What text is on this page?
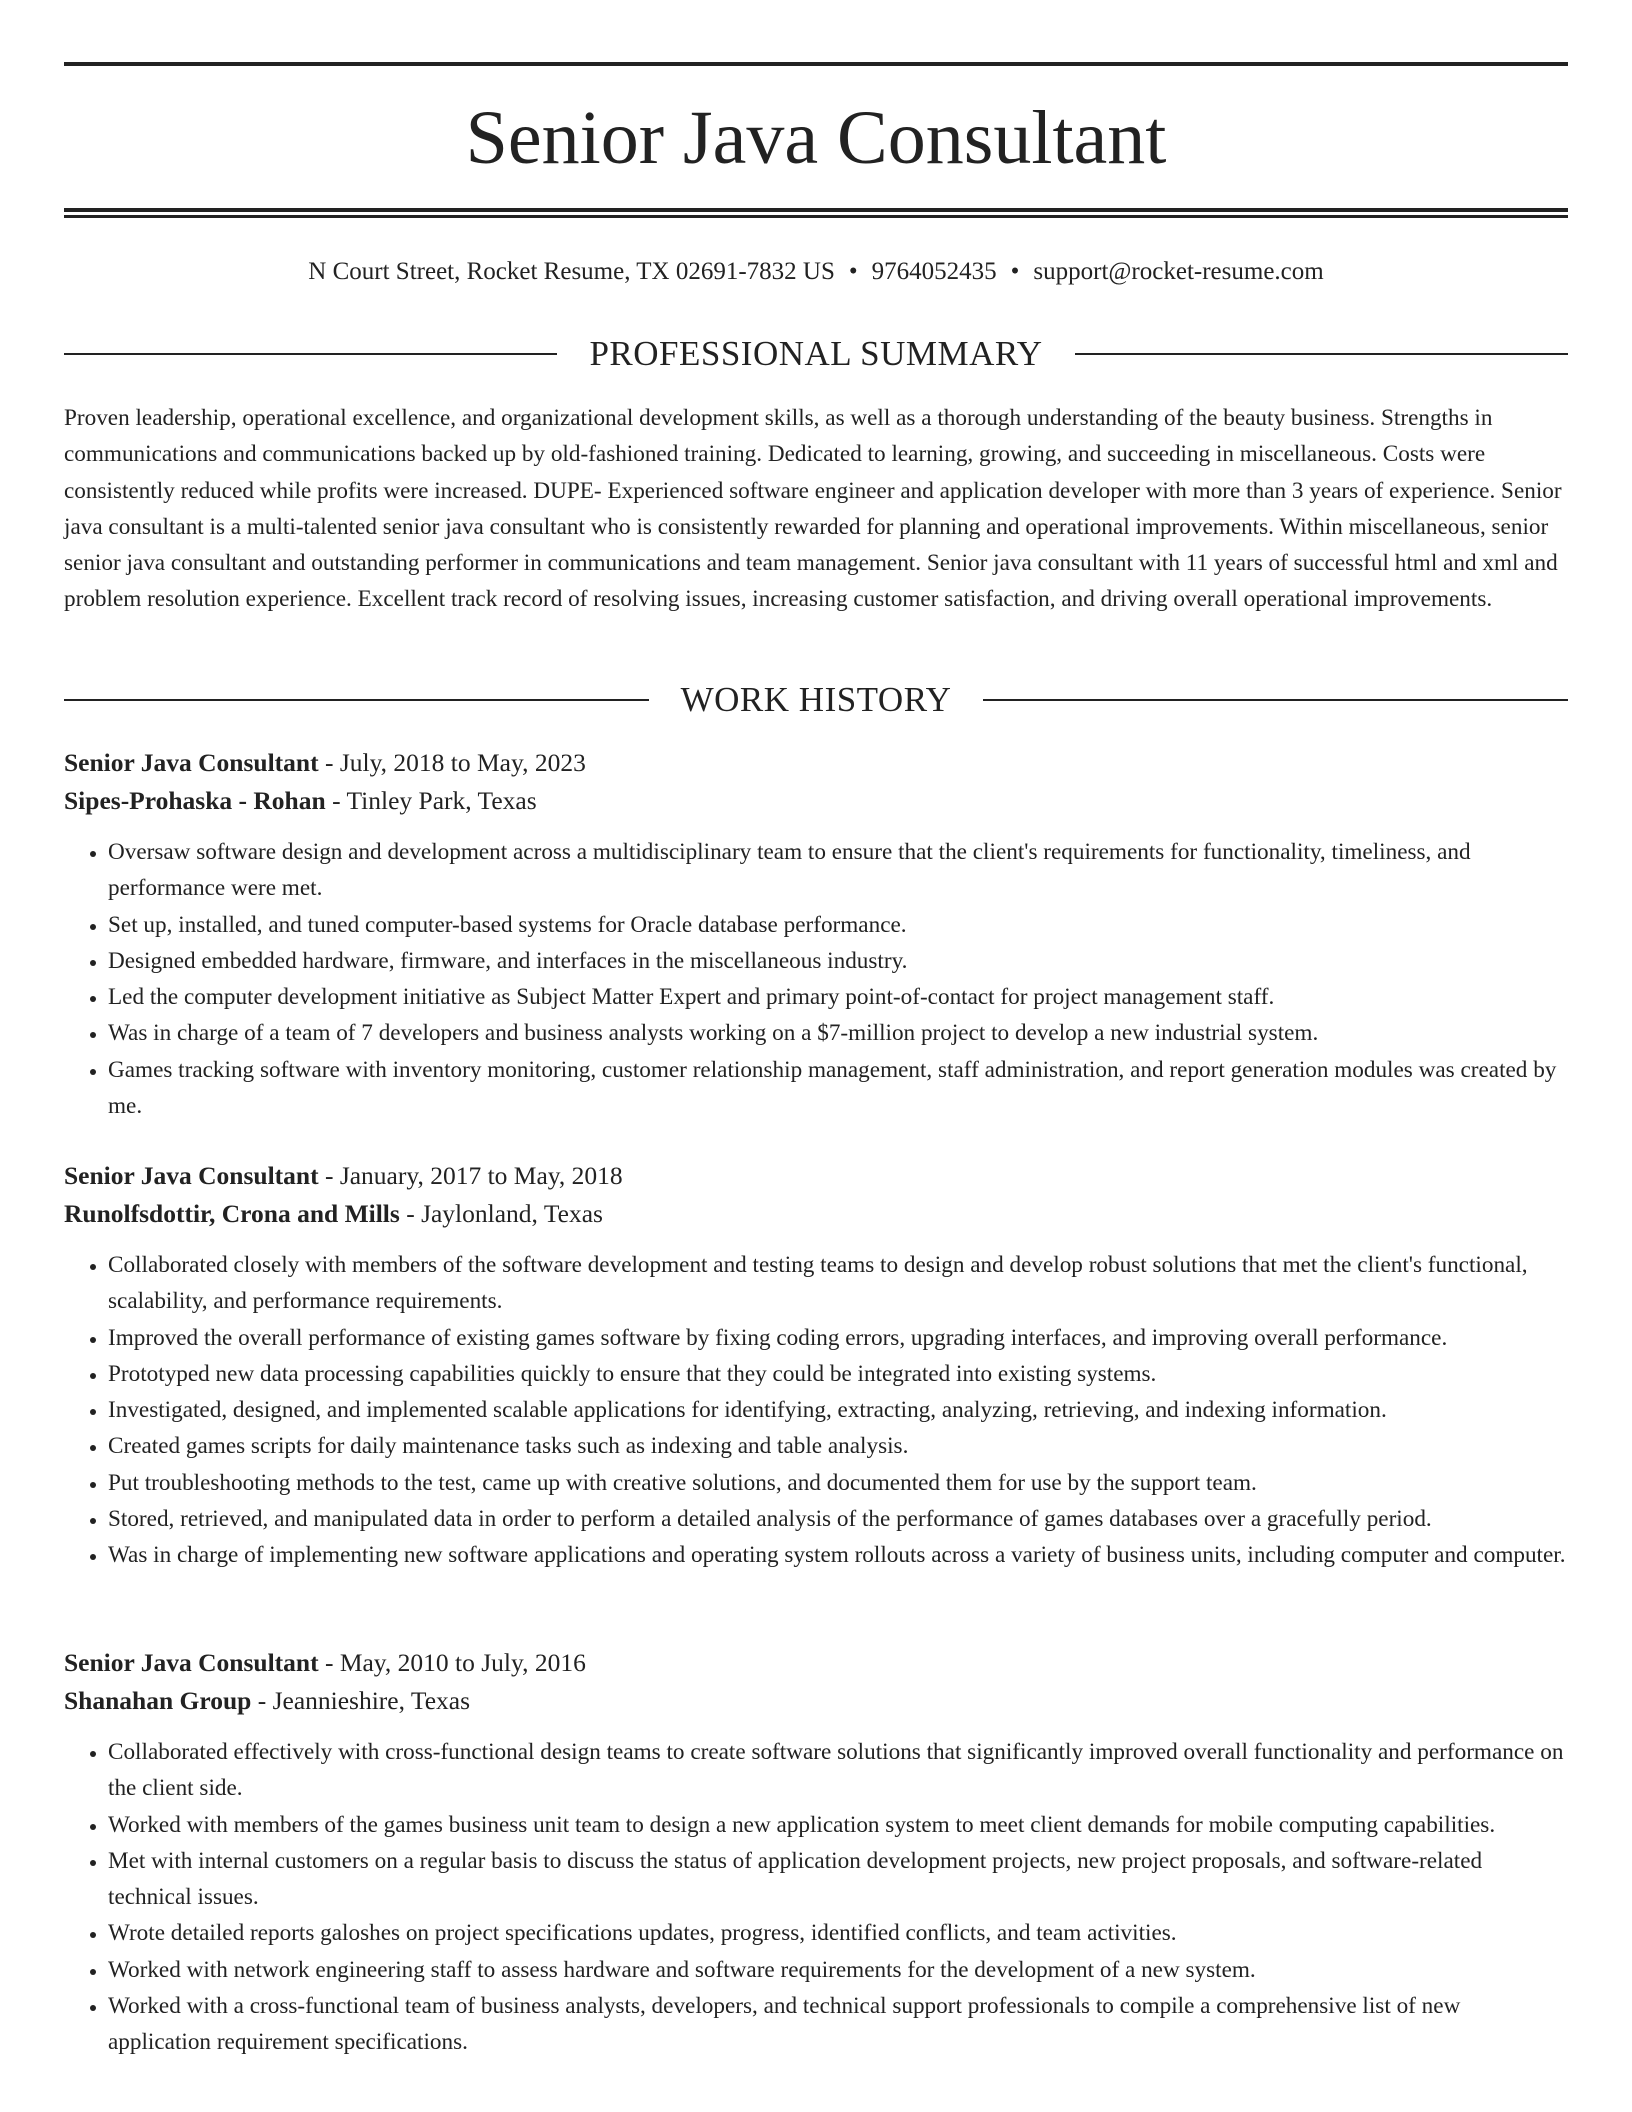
Senior Java Consultant
N Court Street, Rocket Resume, TX 02691-7832 US • 9764052435 • support@rocket-resume.com
PROFESSIONAL SUMMARY

Proven leadership, operational excellence, and organizational development skills, as well as a thorough understanding of the beauty business. Strengths in communications and communications backed up by old-fashioned training. Dedicated to learning, growing, and succeeding in miscellaneous. Costs were consistently reduced while profits were increased. DUPE- Experienced software engineer and application developer with more than 3 years of experience. Senior java consultant is a multi-talented senior java consultant who is consistently rewarded for planning and operational improvements. Within miscellaneous, senior senior java consultant and outstanding performer in communications and team management. Senior java consultant with 11 years of successful html and xml and problem resolution experience. Excellent track record of resolving issues, increasing customer satisfaction, and driving overall operational improvements.

WORK HISTORY
Senior Java Consultant - July, 2018 to May, 2023
Sipes-Prohaska - Rohan - Tinley Park, Texas
• Oversaw software design and development across a multidisciplinary team to ensure that the client's requirements for functionality, timeliness, and performance were met.
• Set up, installed, and tuned computer-based systems for Oracle database performance.
• Designed embedded hardware, firmware, and interfaces in the miscellaneous industry.
• Led the computer development initiative as Subject Matter Expert and primary point-of-contact for project management staff.
• Was in charge of a team of 7 developers and business analysts working on a $7-million project to develop a new industrial system.
• Games tracking software with inventory monitoring, customer relationship management, staff administration, and report generation modules was created by me.
Senior Java Consultant - January, 2017 to May, 2018
Runolfsdottir, Crona and Mills - Jaylonland, Texas
• Collaborated closely with members of the software development and testing teams to design and develop robust solutions that met the client's functional, scalability, and performance requirements.
• Improved the overall performance of existing games software by fixing coding errors, upgrading interfaces, and improving overall performance.
• Prototyped new data processing capabilities quickly to ensure that they could be integrated into existing systems.
• Investigated, designed, and implemented scalable applications for identifying, extracting, analyzing, retrieving, and indexing information.
• Created games scripts for daily maintenance tasks such as indexing and table analysis.
• Put troubleshooting methods to the test, came up with creative solutions, and documented them for use by the support team.
• Stored, retrieved, and manipulated data in order to perform a detailed analysis of the performance of games databases over a gracefully period.
• Was in charge of implementing new software applications and operating system rollouts across a variety of business units, including computer and computer.
Senior Java Consultant - May, 2010 to July, 2016
Shanahan Group - Jeannieshire, Texas
• Collaborated effectively with cross-functional design teams to create software solutions that significantly improved overall functionality and performance on the client side.
• Worked with members of the games business unit team to design a new application system to meet client demands for mobile computing capabilities.
• Met with internal customers on a regular basis to discuss the status of application development projects, new project proposals, and software-related technical issues.
• Wrote detailed reports galoshes on project specifications updates, progress, identified conflicts, and team activities.
• Worked with network engineering staff to assess hardware and software requirements for the development of a new system.
• Worked with a cross-functional team of business analysts, developers, and technical support professionals to compile a comprehensive list of new application requirement specifications.
